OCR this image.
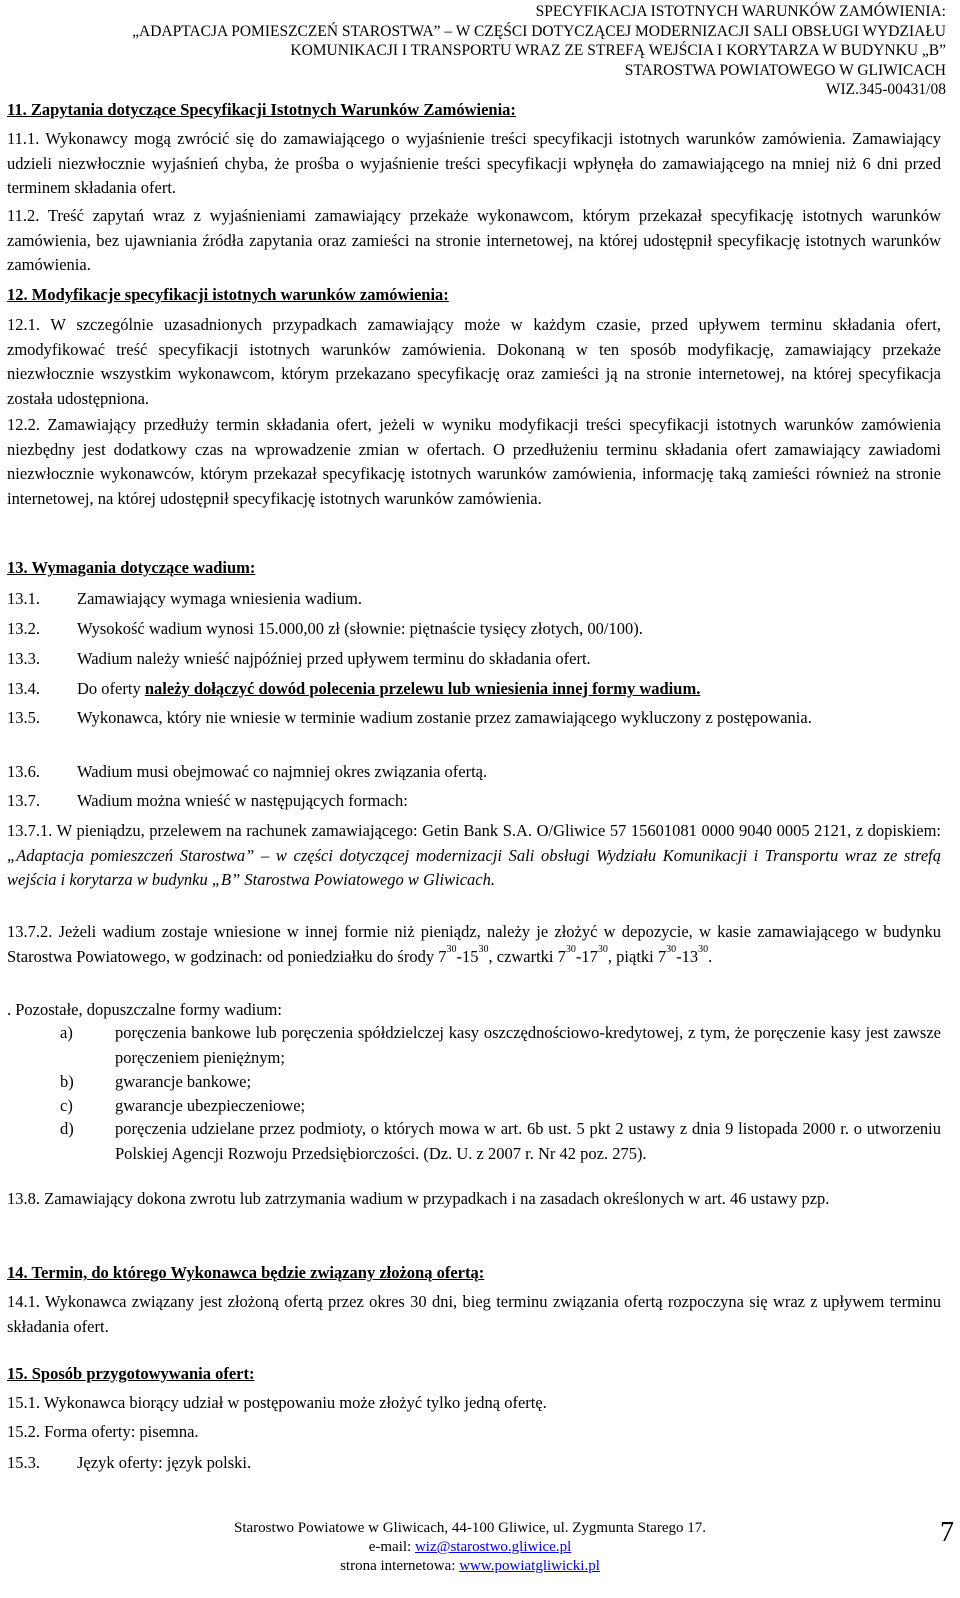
SPECYFIKACJA ISTOTNYCH WARUNKÓW ZAMÓWIENIA:
„ADAPTACJA POMIESZCZEŃ STAROSTWA” – W CZĘŚCI DOTYCZĄCEJ MODERNIZACJI SALI OBSŁUGI WYDZIAŁU
KOMUNIKACJI I TRANSPORTU WRAZ ZE STREFĄ WEJŚCIA I KORYTARZA W BUDYNKU „B”
STAROSTWA POWIATOWEGO W GLIWICACH
WIZ.345-00431/08
11. Zapytania dotyczące Specyfikacji Istotnych Warunków Zamówienia:
11.1. Wykonawcy mogą zwrócić się do zamawiającego o wyjaśnienie treści specyfikacji istotnych warunków zamówienia. Zamawiający udzieli niezwłocznie wyjaśnień chyba, że prośba o wyjaśnienie treści specyfikacji wpłynęła do zamawiającego na mniej niż 6 dni przed terminem składania ofert.
11.2. Treść zapytań wraz z wyjaśnieniami zamawiający przekaże wykonawcom, którym przekazał specyfikację istotnych warunków zamówienia, bez ujawniania źródła zapytania oraz zamieści na stronie internetowej, na której udostępnił specyfikację istotnych warunków zamówienia.
12. Modyfikacje specyfikacji istotnych warunków zamówienia:
12.1. W szczególnie uzasadnionych przypadkach zamawiający może w każdym czasie, przed upływem terminu składania ofert, zmodyfikować treść specyfikacji istotnych warunków zamówienia. Dokonaną w ten sposób modyfikację, zamawiający przekaże niezwłocznie wszystkim wykonawcom, którym przekazano specyfikację oraz zamieści ją na stronie internetowej, na której specyfikacja została udostępniona.
12.2. Zamawiający przedłuży termin składania ofert, jeżeli w wyniku modyfikacji treści specyfikacji istotnych warunków zamówienia niezbędny jest dodatkowy czas na wprowadzenie zmian w ofertach. O przedłużeniu terminu składania ofert zamawiający zawiadomi niezwłocznie wykonawców, którym przekazał specyfikację istotnych warunków zamówienia, informację taką zamieści również na stronie internetowej, na której udostępnił specyfikację istotnych warunków zamówienia.
13. Wymagania dotyczące wadium:
13.1. Zamawiający wymaga wniesienia wadium.
13.2. Wysokość wadium wynosi 15.000,00 zł (słownie: piętnaście tysięcy złotych, 00/100).
13.3. Wadium należy wnieść najpóźniej przed upływem terminu do składania ofert.
13.4. Do oferty należy dołączyć dowód polecenia przelewu lub wniesienia innej formy wadium.
13.5.	Wykonawca, który nie wniesie w terminie wadium zostanie przez zamawiającego wykluczony z postępowania.
13.6. Wadium musi obejmować co najmniej okres związania ofertą.
13.7. Wadium można wnieść w następujących formach:
13.7.1. W pieniądzu, przelewem na rachunek zamawiającego: Getin Bank S.A. O/Gliwice 57 15601081 0000 9040 0005 2121, z dopiskiem: „Adaptacja pomieszczeń Starostwa” – w części dotyczącej modernizacji Sali obsługi Wydziału Komunikacji i Transportu wraz ze strefą wejścia i korytarza w budynku „B” Starostwa Powiatowego w Gliwicach.
13.7.2. Jeżeli wadium zostaje wniesione w innej formie niż pieniądz, należy je złożyć w depozycie, w kasie zamawiającego w budynku Starostwa Powiatowego, w godzinach: od poniedziałku do środy $7^{30}-15^{30}$, czwartki $7^{30}-17^{30}$, piątki $7^{30}-13^{30}$.
. Pozostałe, dopuszczalne formy wadium:
a)	poręczenia bankowe lub poręczenia spółdzielczej kasy oszczędnościowo-kredytowej, z tym, że poręczenie kasy jest zawsze poręczeniem pieniężnym;
b)	gwarancje bankowe;
c)	gwarancje ubezpieczeniowe;
d)	poręczenia udzielane przez podmioty, o których mowa w art. 6b ust. 5 pkt 2 ustawy z dnia 9 listopada 2000 r. o utworzeniu Polskiej Agencji Rozwoju Przedsiębiorczości. (Dz. U. z 2007 r. Nr 42 poz. 275).
13.8. Zamawiający dokona zwrotu lub zatrzymania wadium w przypadkach i na zasadach określonych w art. 46 ustawy pzp.
14. Termin, do którego Wykonawca będzie związany złożoną ofertą:
14.1. Wykonawca związany jest złożoną ofertą przez okres 30 dni, bieg terminu związania ofertą rozpoczyna się wraz z upływem terminu składania ofert.
15. Sposób przygotowywania ofert:
15.1. Wykonawca biorący udział w postępowaniu może złożyć tylko jedną ofertę.
15.2. Forma oferty: pisemna.
15.3. Język oferty: język polski.
Starostwo Powiatowe w Gliwicach, 44-100 Gliwice, ul. Zygmunta Starego 17.
e-mail: wiz@starostwo.gliwice.pl
strona internetowa: www.powiatgliwicki.pl
7
